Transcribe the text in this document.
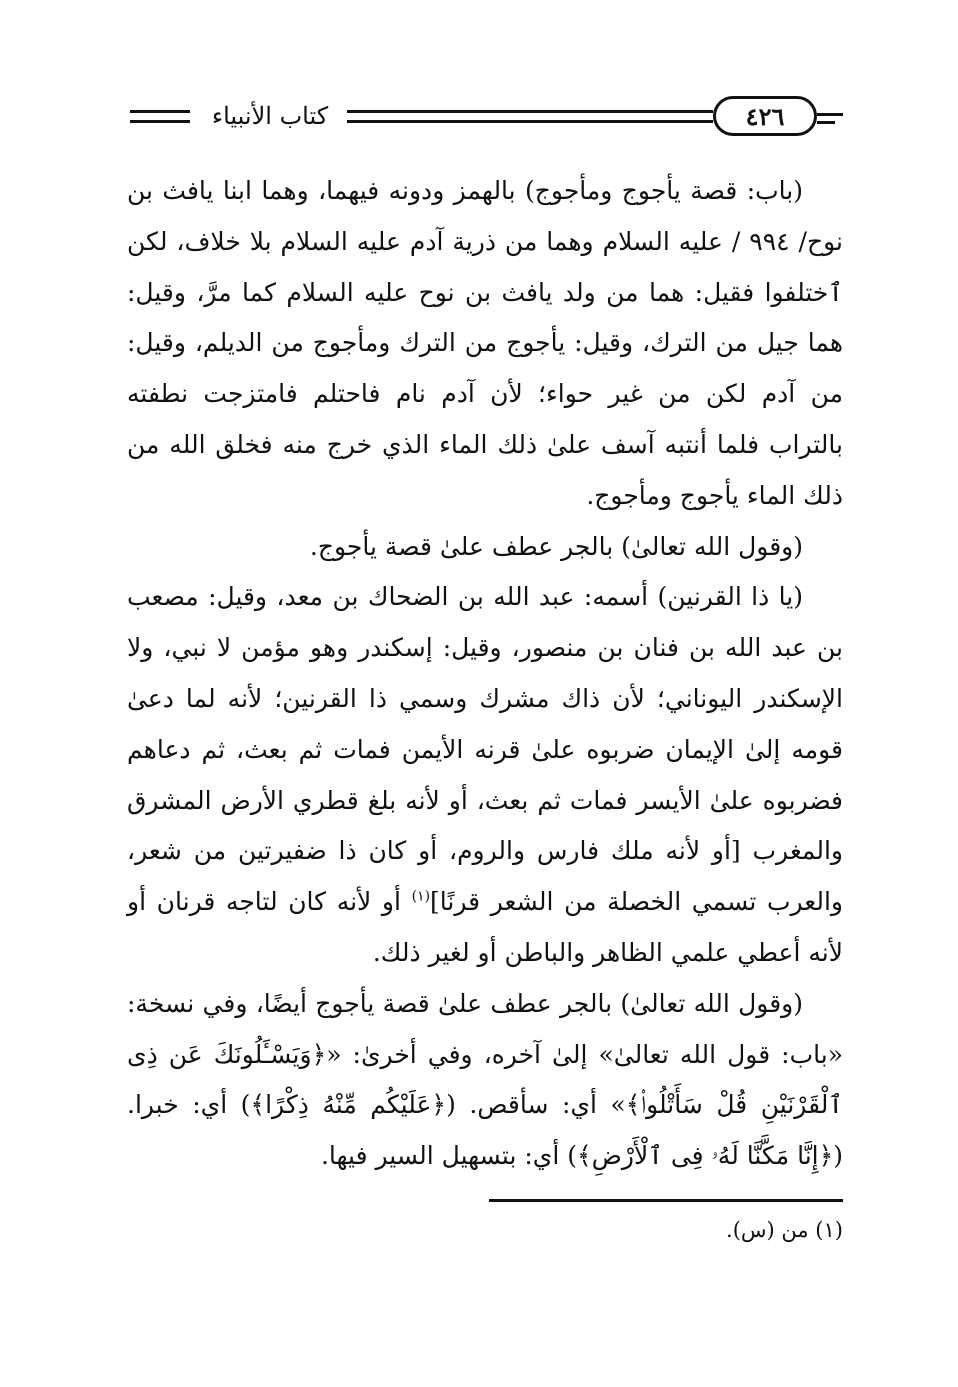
٤٢٦
كتاب الأنبياء

(باب: قصة يأجوج ومأجوج) بالهمز ودونه فيهما، وهما ابنا يافث بن نوح/ ٩٩٤ / عليه السلام وهما من ذرية آدم عليه السلام بلا خلاف، لكن ٱختلفوا فقيل: هما من ولد يافث بن نوح عليه السلام كما مرَّ، وقيل: هما جيل من الترك، وقيل: يأجوج من الترك ومأجوج من الديلم، وقيل: من آدم لكن من غير حواء؛ لأن آدم نام فاحتلم فامتزجت نطفته بالتراب فلما أنتبه آسف علىٰ ذلك الماء الذي خرج منه فخلق الله من ذلك الماء يأجوج ومأجوج.

(وقول الله تعالىٰ) بالجر عطف علىٰ قصة يأجوج.

(يا ذا القرنين) أسمه: عبد الله بن الضحاك بن معد، وقيل: مصعب بن عبد الله بن فنان بن منصور، وقيل: إسكندر وهو مؤمن لا نبي، ولا الإسكندر اليوناني؛ لأن ذاك مشرك وسمي ذا القرنين؛ لأنه لما دعىٰ قومه إلىٰ الإيمان ضربوه علىٰ قرنه الأيمن فمات ثم بعث، ثم دعاهم فضربوه علىٰ الأيسر فمات ثم بعث، أو لأنه بلغ قطري الأرض المشرق والمغرب [أو لأنه ملك فارس والروم، أو كان ذا ضفيرتين من شعر، والعرب تسمي الخصلة من الشعر قرنًا]$^{(١)}$ أو لأنه كان لتاجه قرنان أو لأنه أعطي علمي الظاهر والباطن أو لغير ذلك.

(وقول الله تعالىٰ) بالجر عطف علىٰ قصة يأجوج أيضًا، وفي نسخة: «باب: قول الله تعالىٰ» إلىٰ آخره، وفي أخرىٰ: «﴿وَيَسْـَٔلُونَكَ عَن ذِى ٱلْقَرْنَيْنِ قُلْ سَأَتْلُوا۟﴾» أي: سأقص. (﴿عَلَيْكُم مِّنْهُ ذِكْرًا﴾) أي: خبرا. (﴿إِنَّا مَكَّنَّا لَهُۥ فِى ٱلْأَرْضِ﴾) أي: بتسهيل السير فيها.

(١) من (س).
